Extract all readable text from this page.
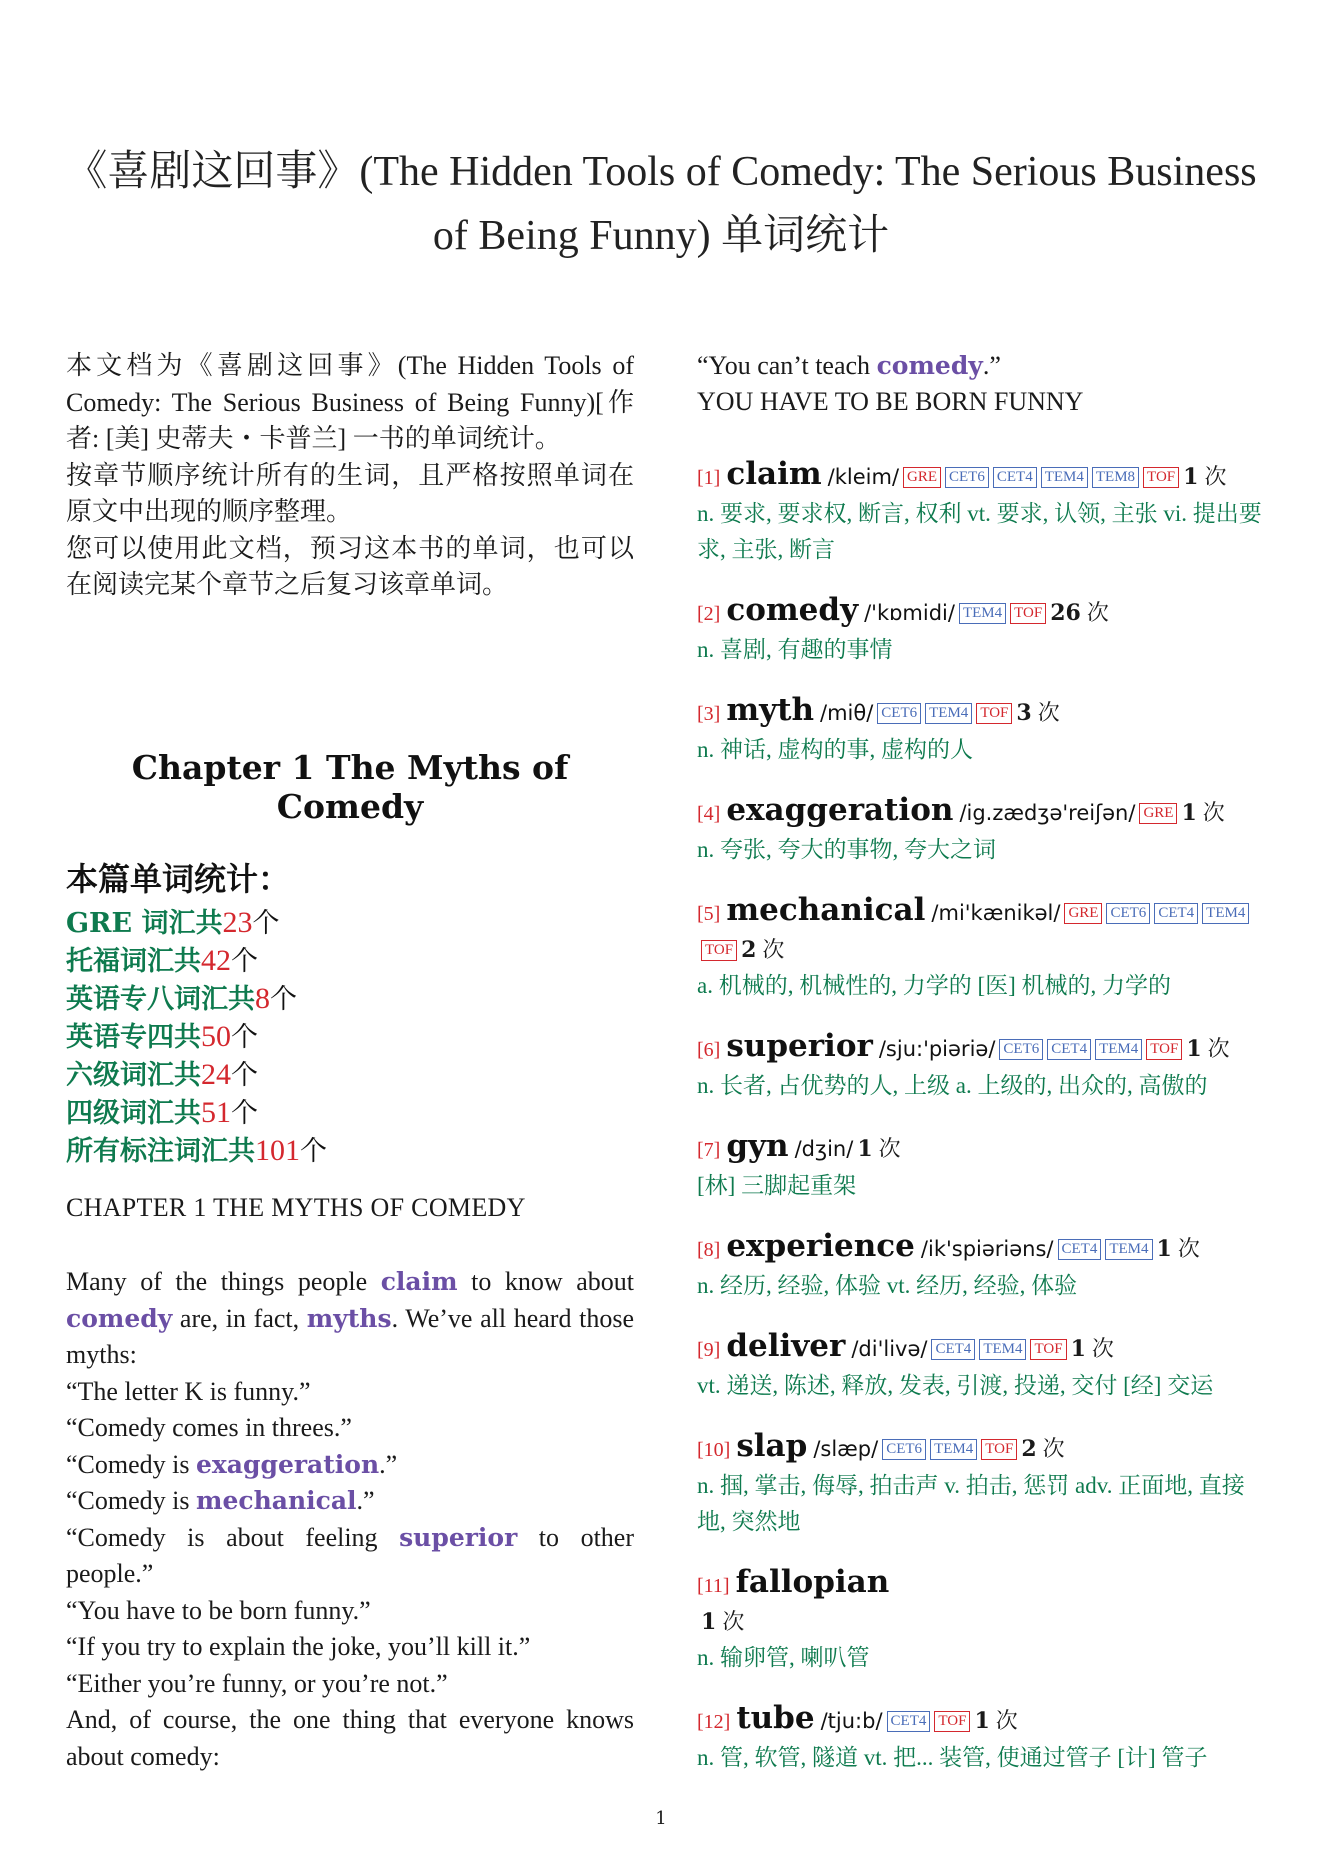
《喜剧这回事》(The Hidden Tools of Comedy: The Serious Business of Being Funny) 单词统计

本文档为《喜剧这回事》(The Hidden Tools of Comedy: The Serious Business of Being Funny)[作者: [美] 史蒂夫・卡普兰] 一书的单词统计。

按章节顺序统计所有的生词，且严格按照单词在原文中出现的顺序整理。

您可以使用此文档，预习这本书的单词，也可以在阅读完某个章节之后复习该章单词。

Chapter 1 The Myths of Comedy
本篇单词统计：
GRE 词汇共23个
托福词汇共42个
英语专八词汇共8个
英语专四共50个
六级词汇共24个
四级词汇共51个
所有标注词汇共101个
CHAPTER 1 THE MYTHS OF COMEDY

Many of the things people claim to know about comedy are, in fact, myths. We’ve all heard those myths:

“The letter K is funny.”

“Comedy comes in threes.”

“Comedy is exaggeration.”

“Comedy is mechanical.”

“Comedy is about feeling superior to other people.”

“You have to be born funny.”

“If you try to explain the joke, you’ll kill it.”

“Either you’re funny, or you’re not.”

And, of course, the one thing that everyone knows about comedy:

“You can’t teach comedy.”
YOU HAVE TO BE BORN FUNNY
[1] claim /kleim/ GRE CET6 CET4 TEM4 TEM8 TOF 1 次
n. 要求, 要求权, 断言, 权利 vt. 要求, 认领, 主张 vi. 提出要求, 主张, 断言
[2] comedy /'kɒmidi/ TEM4 TOF 26 次
n. 喜剧, 有趣的事情
[3] myth /miθ/ CET6 TEM4 TOF 3 次
n. 神话, 虚构的事, 虚构的人
[4] exaggeration /ig.zædʒə'reiʃən/ GRE 1 次
n. 夸张, 夸大的事物, 夸大之词
[5] mechanical /mi'kænikəl/ GRE CET6 CET4 TEM4TOF 2 次
a. 机械的, 机械性的, 力学的 [医] 机械的, 力学的
[6] superior /sju:'piəriə/ CET6 CET4 TEM4 TOF 1 次
n. 长者, 占优势的人, 上级 a. 上级的, 出众的, 高傲的
[7] gyn /dʒin/ 1 次
[林] 三脚起重架
[8] experience /ik'spiəriəns/ CET4 TEM4 1 次
n. 经历, 经验, 体验 vt. 经历, 经验, 体验
[9] deliver /di'livə/ CET4 TEM4 TOF 1 次
vt. 递送, 陈述, 释放, 发表, 引渡, 投递, 交付 [经] 交运
[10] slap /slæp/ CET6 TEM4 TOF 2 次
n. 掴, 掌击, 侮辱, 拍击声 v. 拍击, 惩罚 adv. 正面地, 直接地, 突然地
[11] fallopian
1 次
n. 输卵管, 喇叭管
[12] tube /tju:b/ CET4 TOF 1 次
n. 管, 软管, 隧道 vt. 把... 装管, 使通过管子 [计] 管子
1
